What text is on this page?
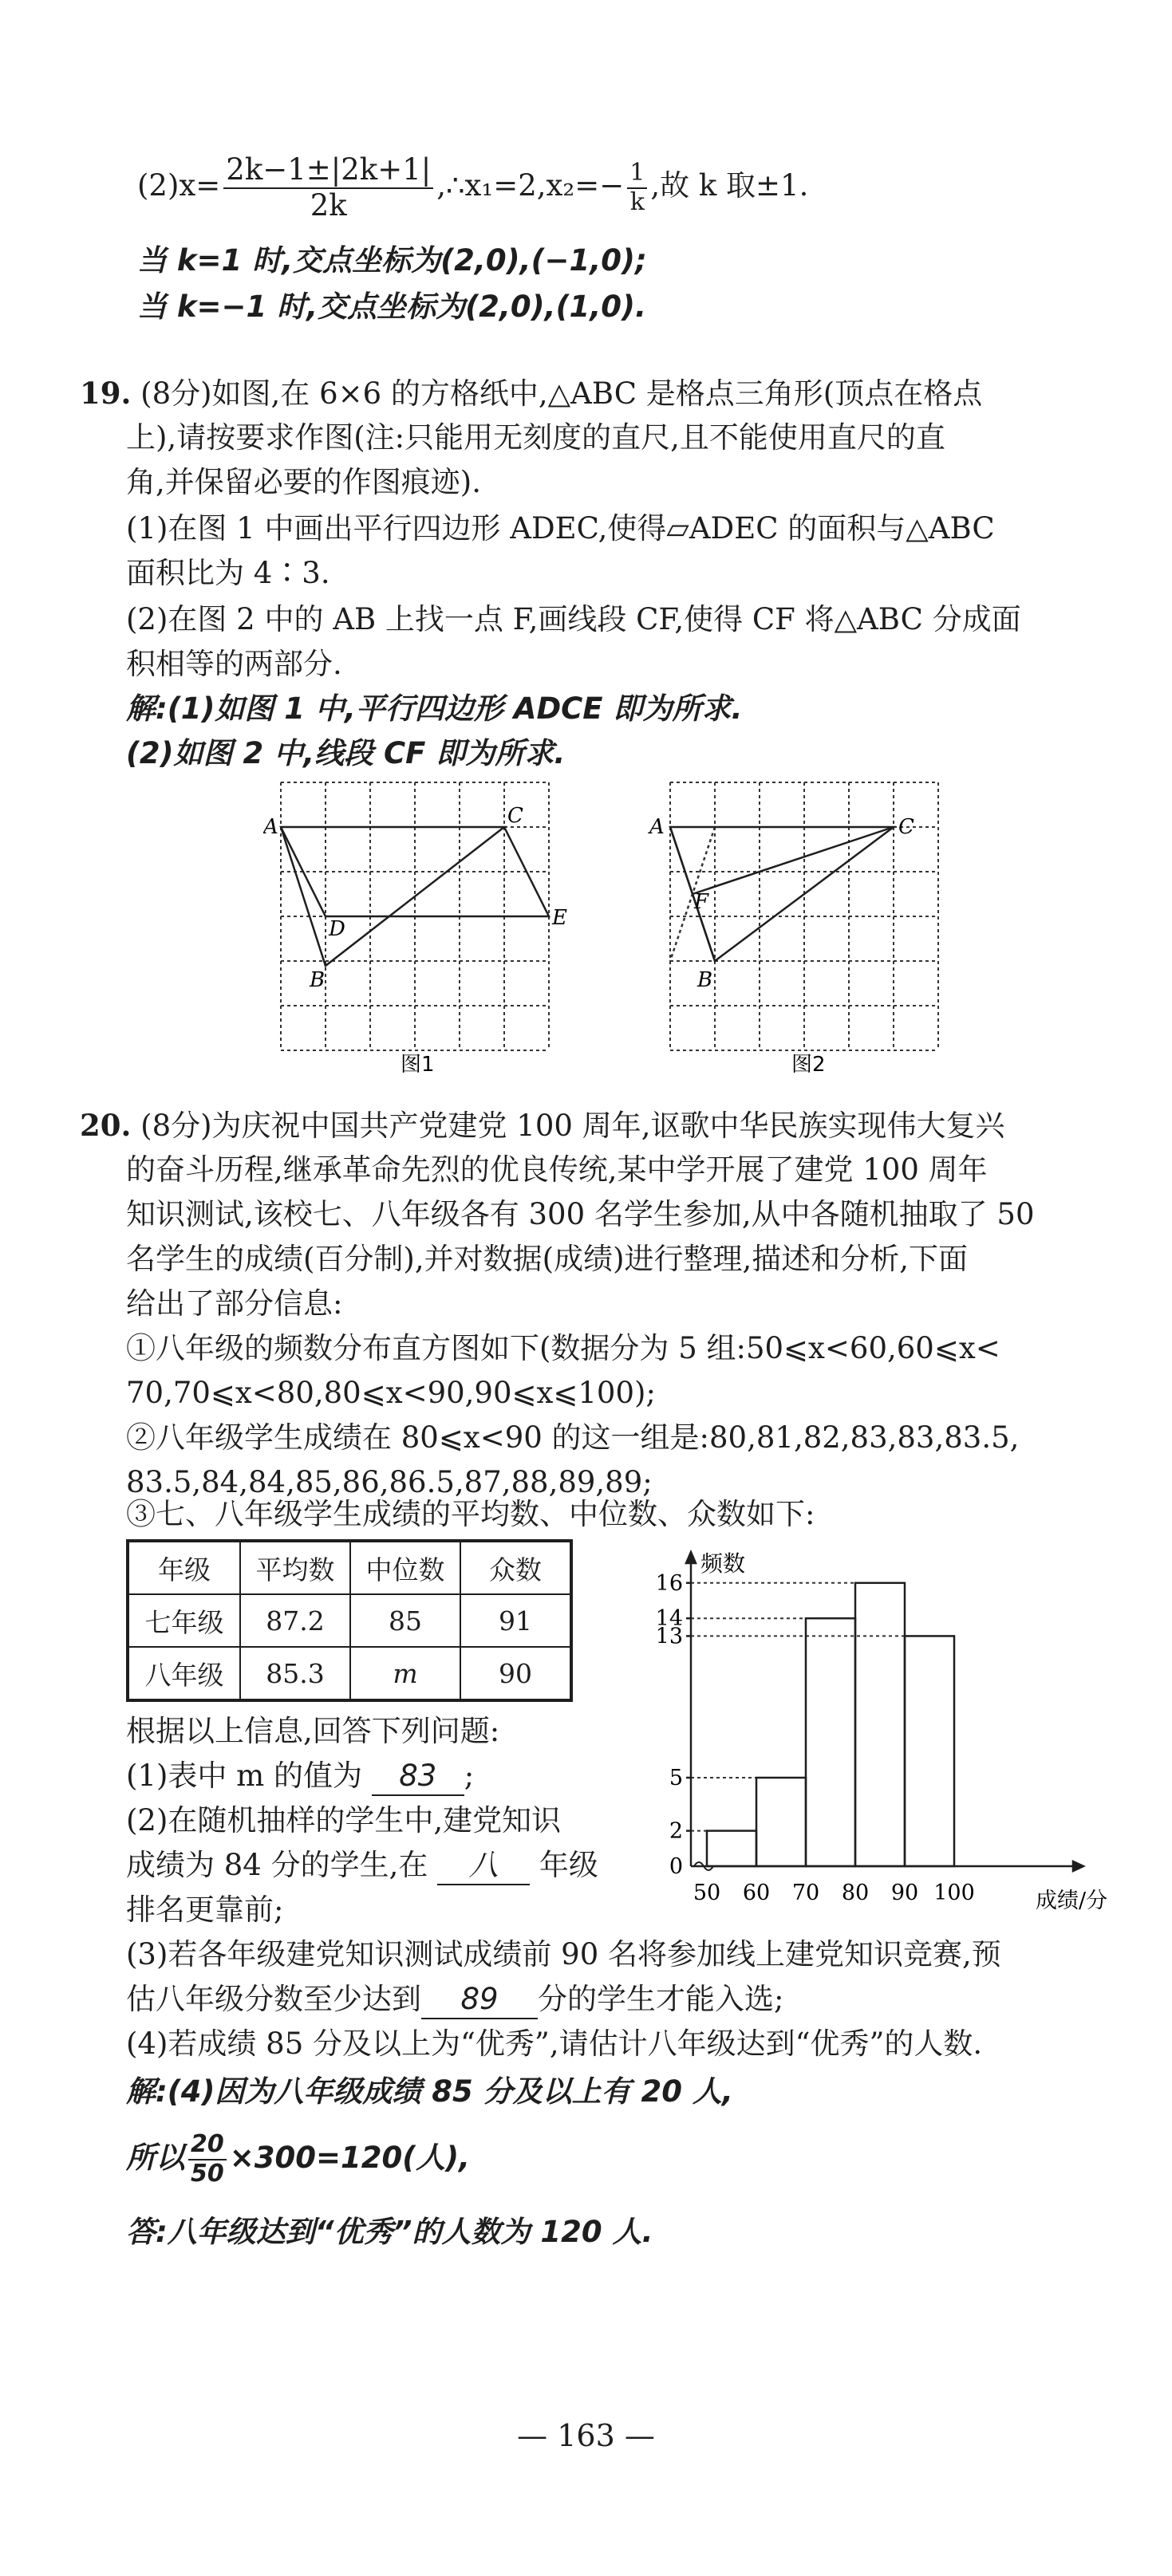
$(2)x= \frac{2k-1\pm|2k+1|}{2k}$ ,∴x₁=2,x₂=− $\frac{1}{k}$ ,故 k 取±1.
当 k=1 时,交点坐标为(2,0),(−1,0);
当 k=−1 时,交点坐标为(2,0),(1,0).
19. (8分)如图,在 6×6 的方格纸中,△ABC 是格点三角形(顶点在格点
上),请按要求作图(注:只能用无刻度的直尺,且不能使用直尺的直
角,并保留必要的作图痕迹).
(1)在图 1 中画出平行四边形 ADEC,使得▱ADEC 的面积与△ABC
面积比为 4∶3.
(2)在图 2 中的 AB 上找一点 F,画线段 CF,使得 CF 将△ABC 分成面
积相等的两部分.
解:(1)如图 1 中,平行四边形 ADCE 即为所求.
(2)如图 2 中,线段 CF 即为所求.
A	C
D	E
B
图1
A	C
F
B
图2
20. (8分)为庆祝中国共产党建党 100 周年,讴歌中华民族实现伟大复兴
的奋斗历程,继承革命先烈的优良传统,某中学开展了建党 100 周年
知识测试,该校七、八年级各有 300 名学生参加,从中各随机抽取了 50
名学生的成绩(百分制),并对数据(成绩)进行整理,描述和分析,下面
给出了部分信息:
①八年级的频数分布直方图如下(数据分为 5 组:50⩽x<60,60⩽x<
70,70⩽x<80,80⩽x<90,90⩽x⩽100);
②八年级学生成绩在 80⩽x<90 的这一组是:80,81,82,83,83,83.5,
83.5,84,84,85,86,86.5,87,88,89,89;
③七、八年级学生成绩的平均数、中位数、众数如下:
年级	平均数	中位数	众数
七年级	87.2	85	91
八年级	85.3	m	90
0
2
5
13
14
16
50 60 70 80 90 100
频数
成绩/分
根据以上信息,回答下列问题:
(1)表中 m 的值为 83 ;
(2)在随机抽样的学生中,建党知识
成绩为 84 分的学生,在 八 年级
排名更靠前;
(3)若各年级建党知识测试成绩前 90 名将参加线上建党知识竞赛,预
估八年级分数至少达到 89 分的学生才能入选;
(4)若成绩 85 分及以上为“优秀”,请估计八年级达到“优秀”的人数.
解:(4)因为八年级成绩 85 分及以上有 20 人,
所以 $\frac{20}{50} \times 300=120$(人),
答:八年级达到“优秀”的人数为 120 人.
— 163 —
